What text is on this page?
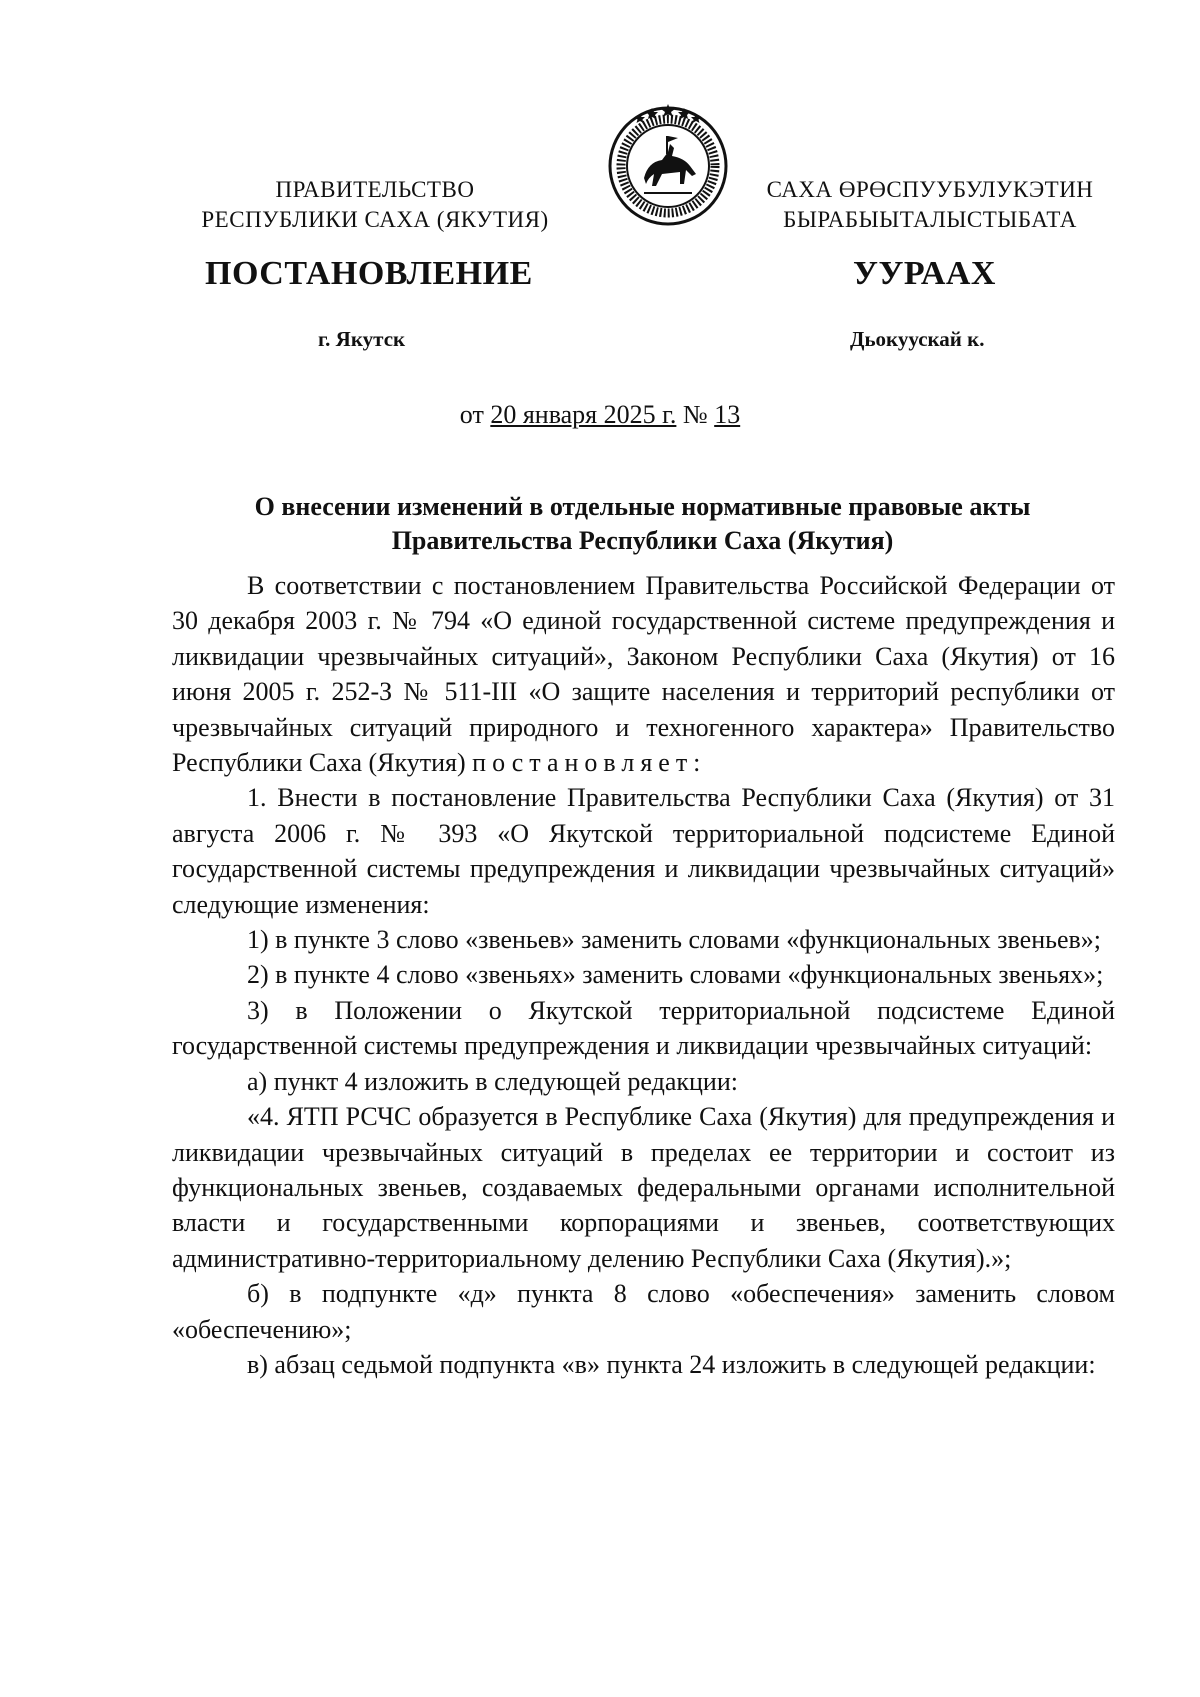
ПРАВИТЕЛЬСТВО
РЕСПУБЛИКИ САХА (ЯКУТИЯ)
САХА ӨРӨСПУУБУЛУКЭТИН
БЫРАБЫЫТАЛЫСТЫБАТА
ПОСТАНОВЛЕНИЕ	УУРААХ
г. Якутск	Дьокуускай к.
от 20 января 2025 г. № 13
О внесении изменений в отдельные нормативные правовые акты
Правительства Республики Саха (Якутия)

В соответствии с постановлением Правительства Российской Федерации от 30 декабря 2003 г. № 794 «О единой государственной системе предупреждения и ликвидации чрезвычайных ситуаций», Законом Республики Саха (Якутия) от 16 июня 2005 г. 252-З № 511-III «О защите населения и территорий республики от чрезвычайных ситуаций природного и техногенного характера» Правительство Республики Саха (Якутия) постановляет:

1. Внести в постановление Правительства Республики Саха (Якутия) от 31 августа 2006 г. № 393 «О Якутской территориальной подсистеме Единой государственной системы предупреждения и ликвидации чрезвычайных ситуаций» следующие изменения:

1) в пункте 3 слово «звеньев» заменить словами «функциональных звеньев»;

2) в пункте 4 слово «звеньях» заменить словами «функциональных звеньях»;

3) в Положении о Якутской территориальной подсистеме Единой государственной системы предупреждения и ликвидации чрезвычайных ситуаций:

а) пункт 4 изложить в следующей редакции:

«4. ЯТП РСЧС образуется в Республике Саха (Якутия) для предупреждения и ликвидации чрезвычайных ситуаций в пределах ее территории и состоит из функциональных звеньев, создаваемых федеральными органами исполнительной власти и государственными корпорациями и звеньев, соответствующих административно-территориальному делению Республики Саха (Якутия).»;

б) в подпункте «д» пункта 8 слово «обеспечения» заменить словом «обеспечению»;

в) абзац седьмой подпункта «в» пункта 24 изложить в следующей редакции:
